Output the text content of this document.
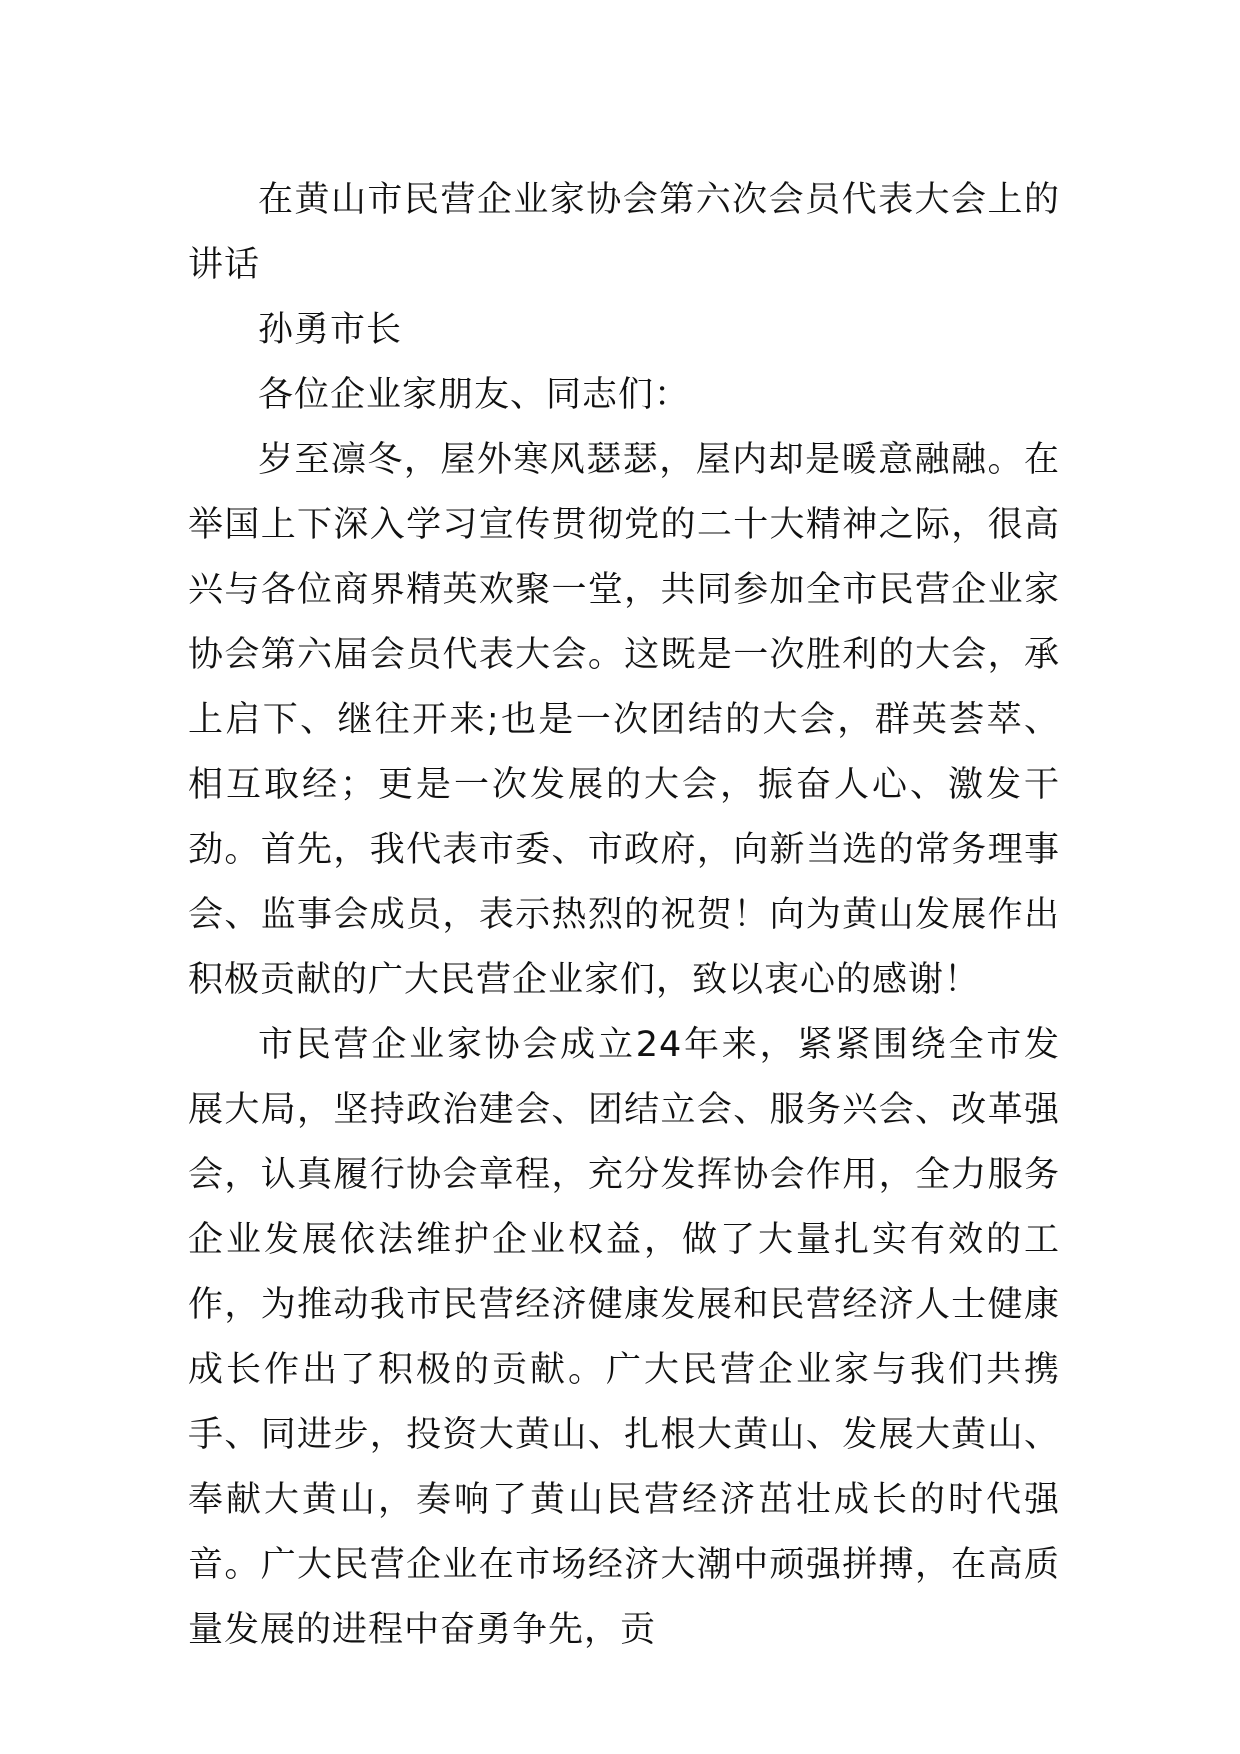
在黄山市民营企业家协会第六次会员代表大会上的讲话

孙勇市长

各位企业家朋友、同志们：

岁至凛冬，屋外寒风瑟瑟，屋内却是暖意融融。在举国上下深入学习宣传贯彻党的二十大精神之际，很高兴与各位商界精英欢聚一堂，共同参加全市民营企业家协会第六届会员代表大会。这既是一次胜利的大会，承上启下、继往开来;也是一次团结的大会，群英荟萃、相互取经；更是一次发展的大会，振奋人心、激发干劲。首先，我代表市委、市政府，向新当选的常务理事会、监事会成员，表示热烈的祝贺！向为黄山发展作出积极贡献的广大民营企业家们，致以衷心的感谢！

市民营企业家协会成立24年来，紧紧围绕全市发展大局，坚持政治建会、团结立会、服务兴会、改革强会，认真履行协会章程，充分发挥协会作用，全力服务企业发展依法维护企业权益，做了大量扎实有效的工作，为推动我市民营经济健康发展和民营经济人士健康成长作出了积极的贡献。广大民营企业家与我们共携手、同进步，投资大黄山、扎根大黄山、发展大黄山、奉献大黄山，奏响了黄山民营经济茁壮成长的时代强音。广大民营企业在市场经济大潮中顽强拼搏，在高质量发展的进程中奋勇争先，贡
